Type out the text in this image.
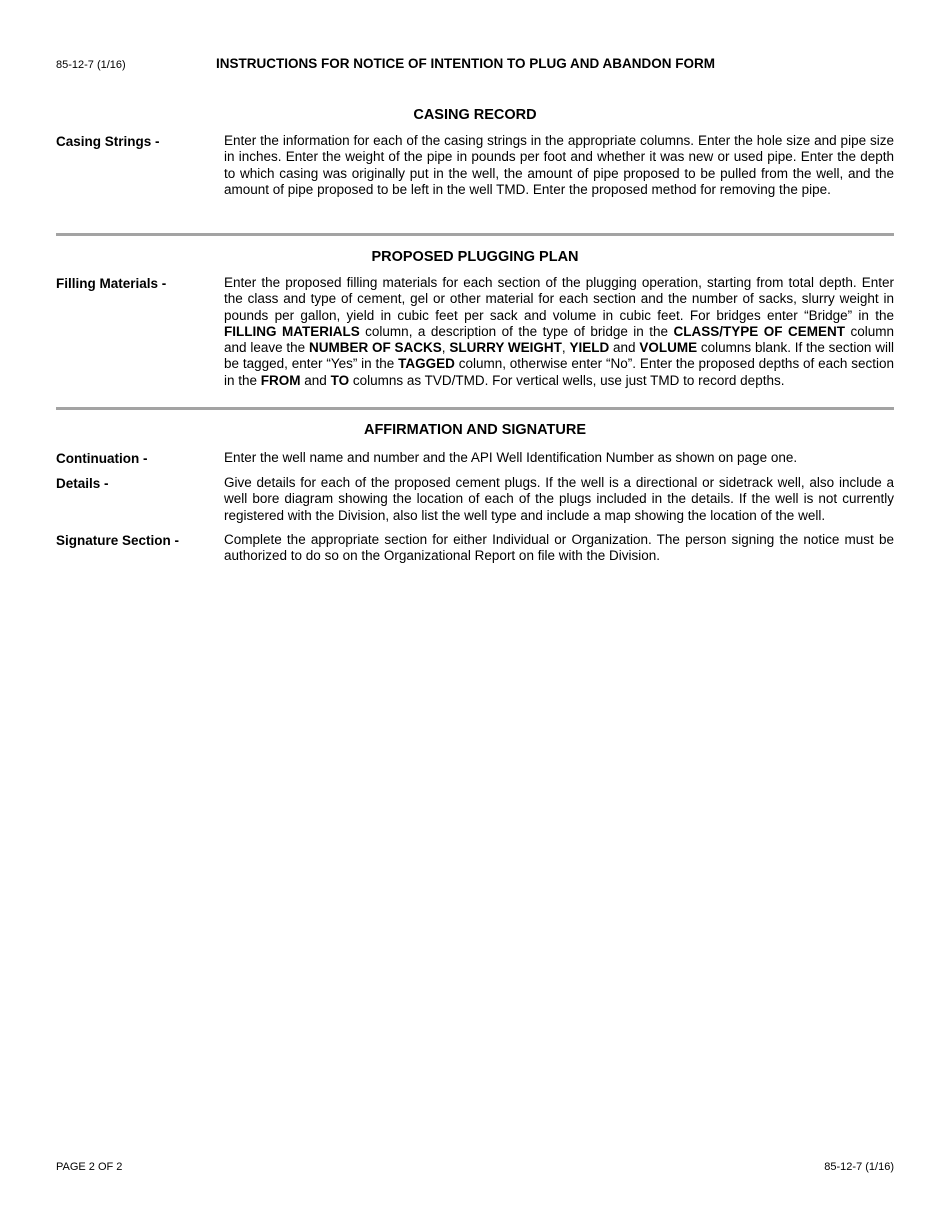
85-12-7 (1/16)	INSTRUCTIONS FOR NOTICE OF INTENTION TO PLUG AND ABANDON FORM
CASING RECORD
Casing Strings -	Enter the information for each of the casing strings in the appropriate columns. Enter the hole size and pipe size in inches. Enter the weight of the pipe in pounds per foot and whether it was new or used pipe. Enter the depth to which casing was originally put in the well, the amount of pipe proposed to be pulled from the well, and the amount of pipe proposed to be left in the well TMD. Enter the proposed method for removing the pipe.
PROPOSED PLUGGING PLAN
Filling Materials -	Enter the proposed filling materials for each section of the plugging operation, starting from total depth. Enter the class and type of cement, gel or other material for each section and the number of sacks, slurry weight in pounds per gallon, yield in cubic feet per sack and volume in cubic feet. For bridges enter “Bridge” in the FILLING MATERIALS column, a description of the type of bridge in the CLASS/TYPE OF CEMENT column and leave the NUMBER OF SACKS, SLURRY WEIGHT, YIELD and VOLUME columns blank. If the section will be tagged, enter “Yes” in the TAGGED column, otherwise enter “No”. Enter the proposed depths of each section in the FROM and TO columns as TVD/TMD. For vertical wells, use just TMD to record depths.
AFFIRMATION AND SIGNATURE
Continuation -	Enter the well name and number and the API Well Identification Number as shown on page one.
Details -	Give details for each of the proposed cement plugs. If the well is a directional or sidetrack well, also include a well bore diagram showing the location of each of the plugs included in the details. If the well is not currently registered with the Division, also list the well type and include a map showing the location of the well.
Signature Section -	Complete the appropriate section for either Individual or Organization. The person signing the notice must be authorized to do so on the Organizational Report on file with the Division.
PAGE 2 OF 2	85-12-7 (1/16)
